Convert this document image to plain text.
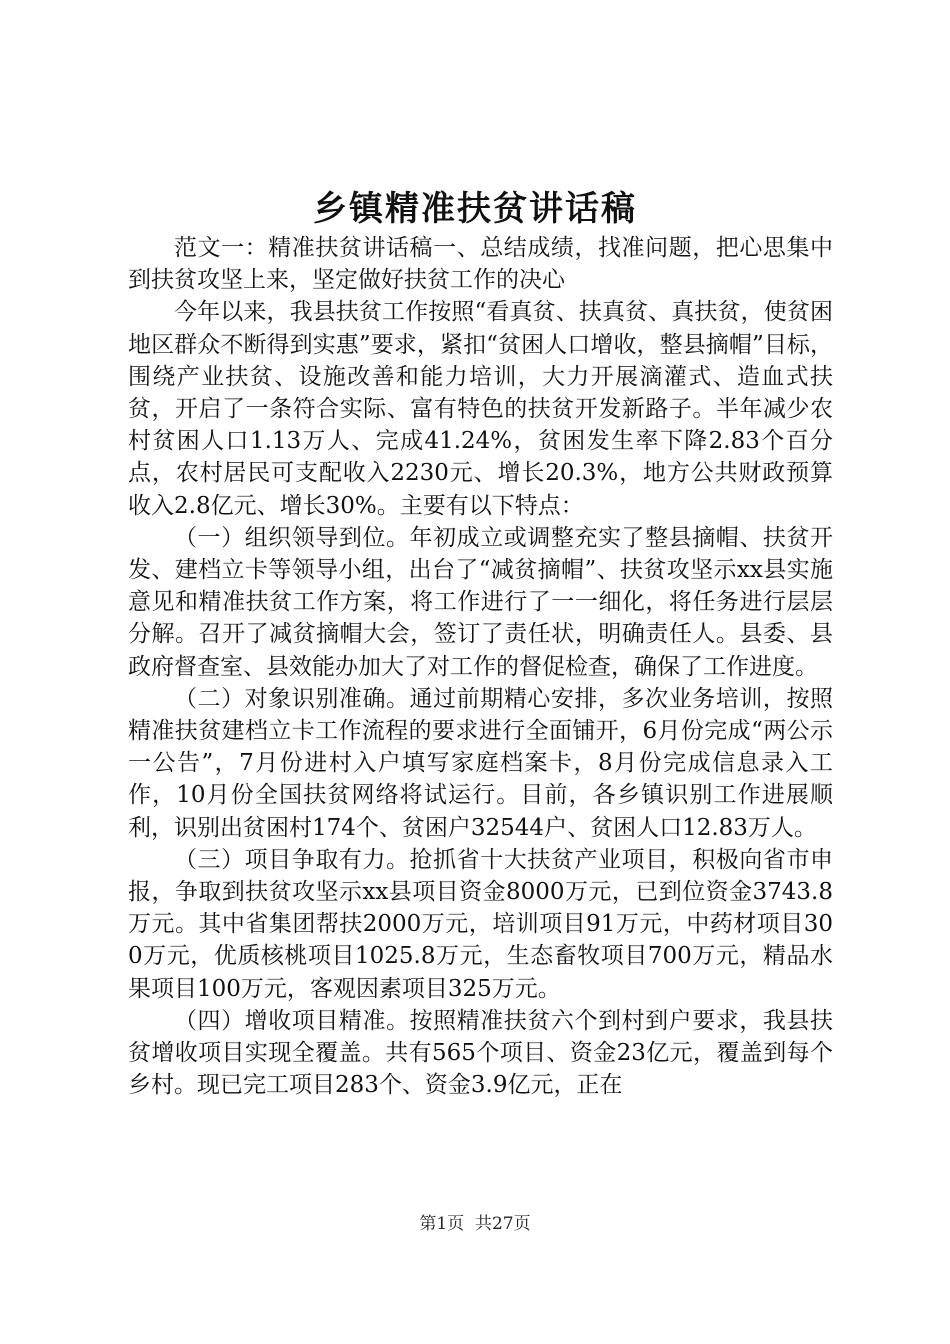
乡镇精准扶贫讲话稿

范文一：精准扶贫讲话稿一、总结成绩，找准问题，把心思集中到扶贫攻坚上来，坚定做好扶贫工作的决心

今年以来，我县扶贫工作按照“看真贫、扶真贫、真扶贫，使贫困地区群众不断得到实惠”要求，紧扣“贫困人口增收，整县摘帽”目标，围绕产业扶贫、设施改善和能力培训，大力开展滴灌式、造血式扶贫，开启了一条符合实际、富有特色的扶贫开发新路子。半年减少农村贫困人口1.13万人、完成41.24%，贫困发生率下降2.83个百分点，农村居民可支配收入2230元、增长20.3%，地方公共财政预算收入2.8亿元、增长30%。主要有以下特点：

（一）组织领导到位。年初成立或调整充实了整县摘帽、扶贫开发、建档立卡等领导小组，出台了“减贫摘帽”、扶贫攻坚示xx县实施意见和精准扶贫工作方案，将工作进行了一一细化，将任务进行层层分解。召开了减贫摘帽大会，签订了责任状，明确责任人。县委、县政府督查室、县效能办加大了对工作的督促检查，确保了工作进度。

（二）对象识别准确。通过前期精心安排，多次业务培训，按照精准扶贫建档立卡工作流程的要求进行全面铺开，6月份完成“两公示一公告”，7月份进村入户填写家庭档案卡，8月份完成信息录入工作，10月份全国扶贫网络将试运行。目前，各乡镇识别工作进展顺利，识别出贫困村174个、贫困户32544户、贫困人口12.83万人。

（三）项目争取有力。抢抓省十大扶贫产业项目，积极向省市申报，争取到扶贫攻坚示xx县项目资金8000万元，已到位资金3743.8万元。其中省集团帮扶2000万元，培训项目91万元，中药材项目300万元，优质核桃项目1025.8万元，生态畜牧项目700万元，精品水果项目100万元，客观因素项目325万元。

（四）增收项目精准。按照精准扶贫六个到村到户要求，我县扶贫增收项目实现全覆盖。共有565个项目、资金23亿元，覆盖到每个乡村。现已完工项目283个、资金3.9亿元，正在

第1页  共27页
